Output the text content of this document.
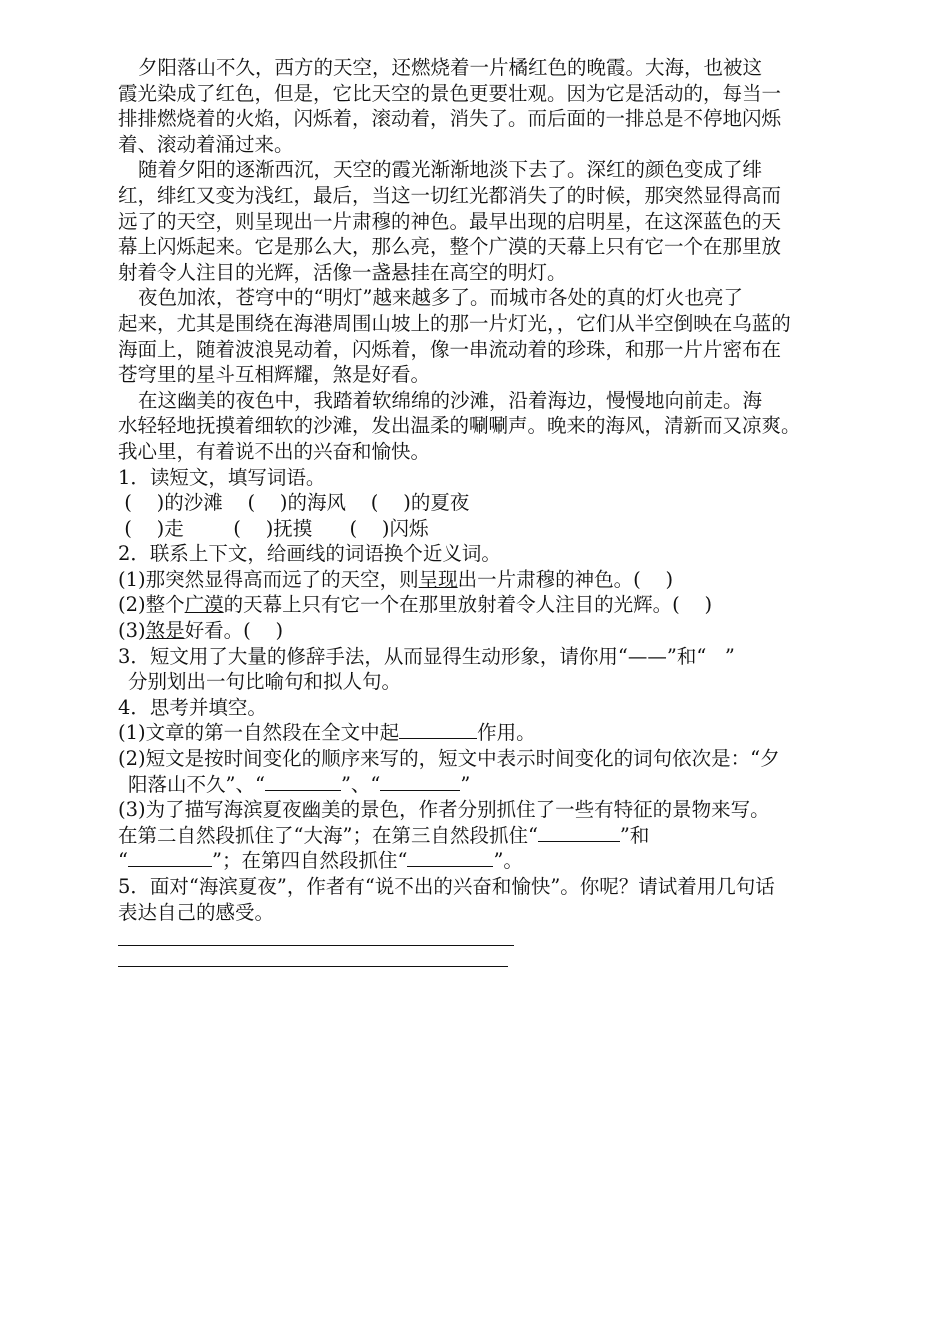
夕阳落山不久，西方的天空，还燃烧着一片橘红色的晚霞。大海，也被这
霞光染成了红色，但是，它比天空的景色更要壮观。因为它是活动的，每当一
排排燃烧着的火焰，闪烁着，滚动着，消失了。而后面的一排总是不停地闪烁
着、滚动着涌过来。
随着夕阳的逐渐西沉，天空的霞光渐渐地淡下去了。深红的颜色变成了绯
红，绯红又变为浅红，最后，当这一切红光都消失了的时候，那突然显得高而
远了的天空，则呈现出一片肃穆的神色。最早出现的启明星，在这深蓝色的天
幕上闪烁起来。它是那么大，那么亮，整个广漠的天幕上只有它一个在那里放
射着令人注目的光辉，活像一盏悬挂在高空的明灯。
夜色加浓，苍穹中的“明灯”越来越多了。而城市各处的真的灯火也亮了
起来，尤其是围绕在海港周围山坡上的那一片灯光，，它们从半空倒映在乌蓝的
海面上，随着波浪晃动着，闪烁着，像一串流动着的珍珠，和那一片片密布在
苍穹里的星斗互相辉耀，煞是好看。
在这幽美的夜色中，我踏着软绵绵的沙滩，沿着海边，慢慢地向前走。海
水轻轻地抚摸着细软的沙滩，发出温柔的唰唰声。晚来的海风，清新而又凉爽。
我心里，有着说不出的兴奋和愉快。
1．读短文，填写词语。
(    )的沙滩    (    )的海风    (    )的夏夜
(    )走        (    )抚摸      (    )闪烁
2．联系上下文，给画线的词语换个近义词。
(1)那突然显得高而远了的天空，则呈现出一片肃穆的神色。(    )
(2)整个广漠的天幕上只有它一个在那里放射着令人注目的光辉。(    )
(3)煞是好看。(    )
3．短文用了大量的修辞手法，从而显得生动形象，请你用“——”和“   ”
分别划出一句比喻句和拟人句。
4．思考并填空。
(1)文章的第一自然段在全文中起	作用。
(2)短文是按时间变化的顺序来写的，短文中表示时间变化的词句依次是：“夕
阳落山不久”、“	”、“	”
(3)为了描写海滨夏夜幽美的景色，作者分别抓住了一些有特征的景物来写。
在第二自然段抓住了“大海”；在第三自然段抓住“	”和
“	”；在第四自然段抓住“	”。
5．面对“海滨夏夜”，作者有“说不出的兴奋和愉快”。你呢？请试着用几句话
表达自己的感受。
